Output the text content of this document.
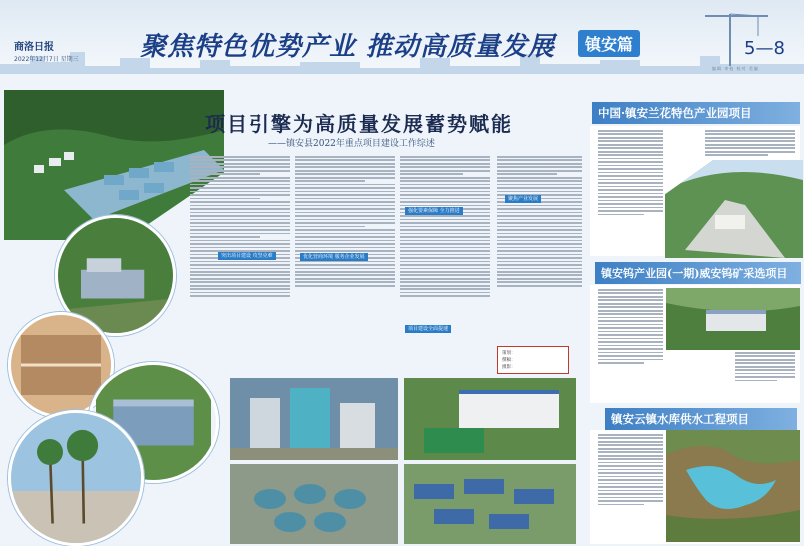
商洛日报
2022年12月7日 星期三 聚焦特色优势产业 推动高质量发展	镇安篇	5—8
编辑 审校 校对 美编
项目引擎为高质量发展蓄势赋能
——镇安县2022年重点项目建设工作综述
突出项目建设 攻坚克难	优化营商环境 服务企业发展
强化要素保障 全力推进
聚焦产业发展
项目建设全面提速
策划：
撰稿：
摄影：
中国·镇安兰花特色产业园项目
镇安钨产业园(一期)威安钨矿采选项目
镇安云镇水库供水工程项目
